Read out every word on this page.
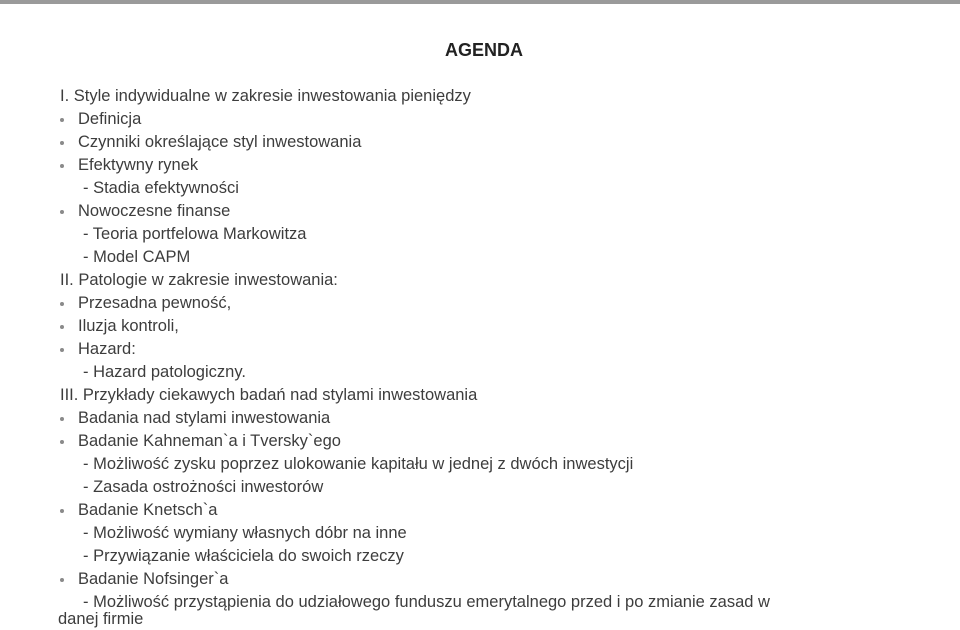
AGENDA
I. Style indywidualne w zakresie inwestowania pieniędzy
Definicja
Czynniki określające styl inwestowania
Efektywny rynek
- Stadia efektywności
Nowoczesne finanse
- Teoria portfelowa Markowitza
- Model CAPM
II. Patologie w zakresie inwestowania:
Przesadna pewność,
Iluzja kontroli,
Hazard:
- Hazard patologiczny.
III. Przykłady ciekawych badań nad stylami inwestowania
Badania nad stylami inwestowania
Badanie Kahneman`a i Tversky`ego
- Możliwość zysku poprzez ulokowanie kapitału w jednej z dwóch inwestycji
- Zasada ostrożności inwestorów
Badanie Knetsch`a
- Możliwość wymiany własnych dóbr na inne
- Przywiązanie właściciela do swoich rzeczy
Badanie Nofsinger`a
- Możliwość przystąpienia do udziałowego funduszu emerytalnego przed i po zmianie zasad w
danej firmie
